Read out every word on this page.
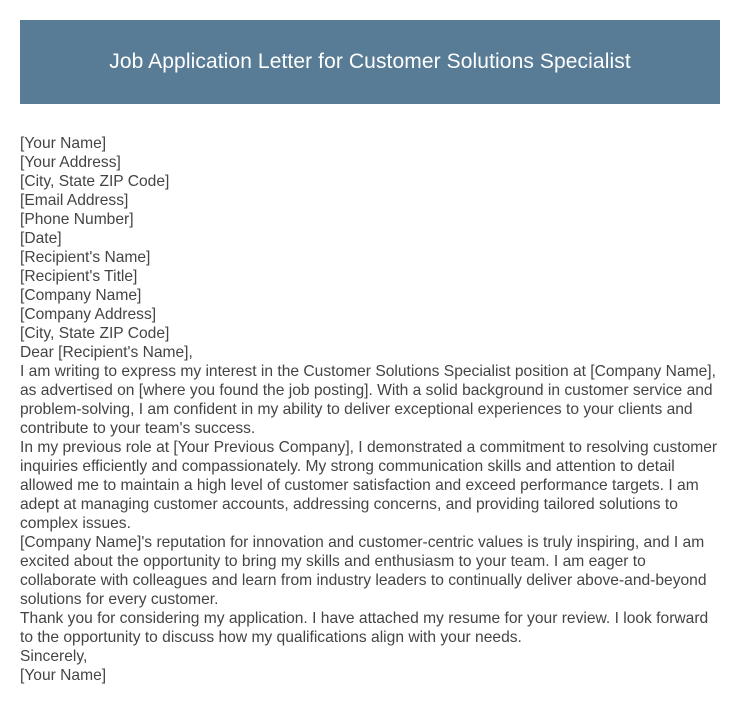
Job Application Letter for Customer Solutions Specialist
[Your Name]
[Your Address]
[City, State ZIP Code]
[Email Address]
[Phone Number]
[Date]
[Recipient's Name]
[Recipient's Title]
[Company Name]
[Company Address]
[City, State ZIP Code]
Dear [Recipient's Name],
I am writing to express my interest in the Customer Solutions Specialist position at [Company Name], as advertised on [where you found the job posting]. With a solid background in customer service and problem-solving, I am confident in my ability to deliver exceptional experiences to your clients and contribute to your team's success.
In my previous role at [Your Previous Company], I demonstrated a commitment to resolving customer inquiries efficiently and compassionately. My strong communication skills and attention to detail allowed me to maintain a high level of customer satisfaction and exceed performance targets. I am adept at managing customer accounts, addressing concerns, and providing tailored solutions to complex issues.
[Company Name]'s reputation for innovation and customer-centric values is truly inspiring, and I am excited about the opportunity to bring my skills and enthusiasm to your team. I am eager to collaborate with colleagues and learn from industry leaders to continually deliver above-and-beyond solutions for every customer.
Thank you for considering my application. I have attached my resume for your review. I look forward to the opportunity to discuss how my qualifications align with your needs.
Sincerely,
[Your Name]
